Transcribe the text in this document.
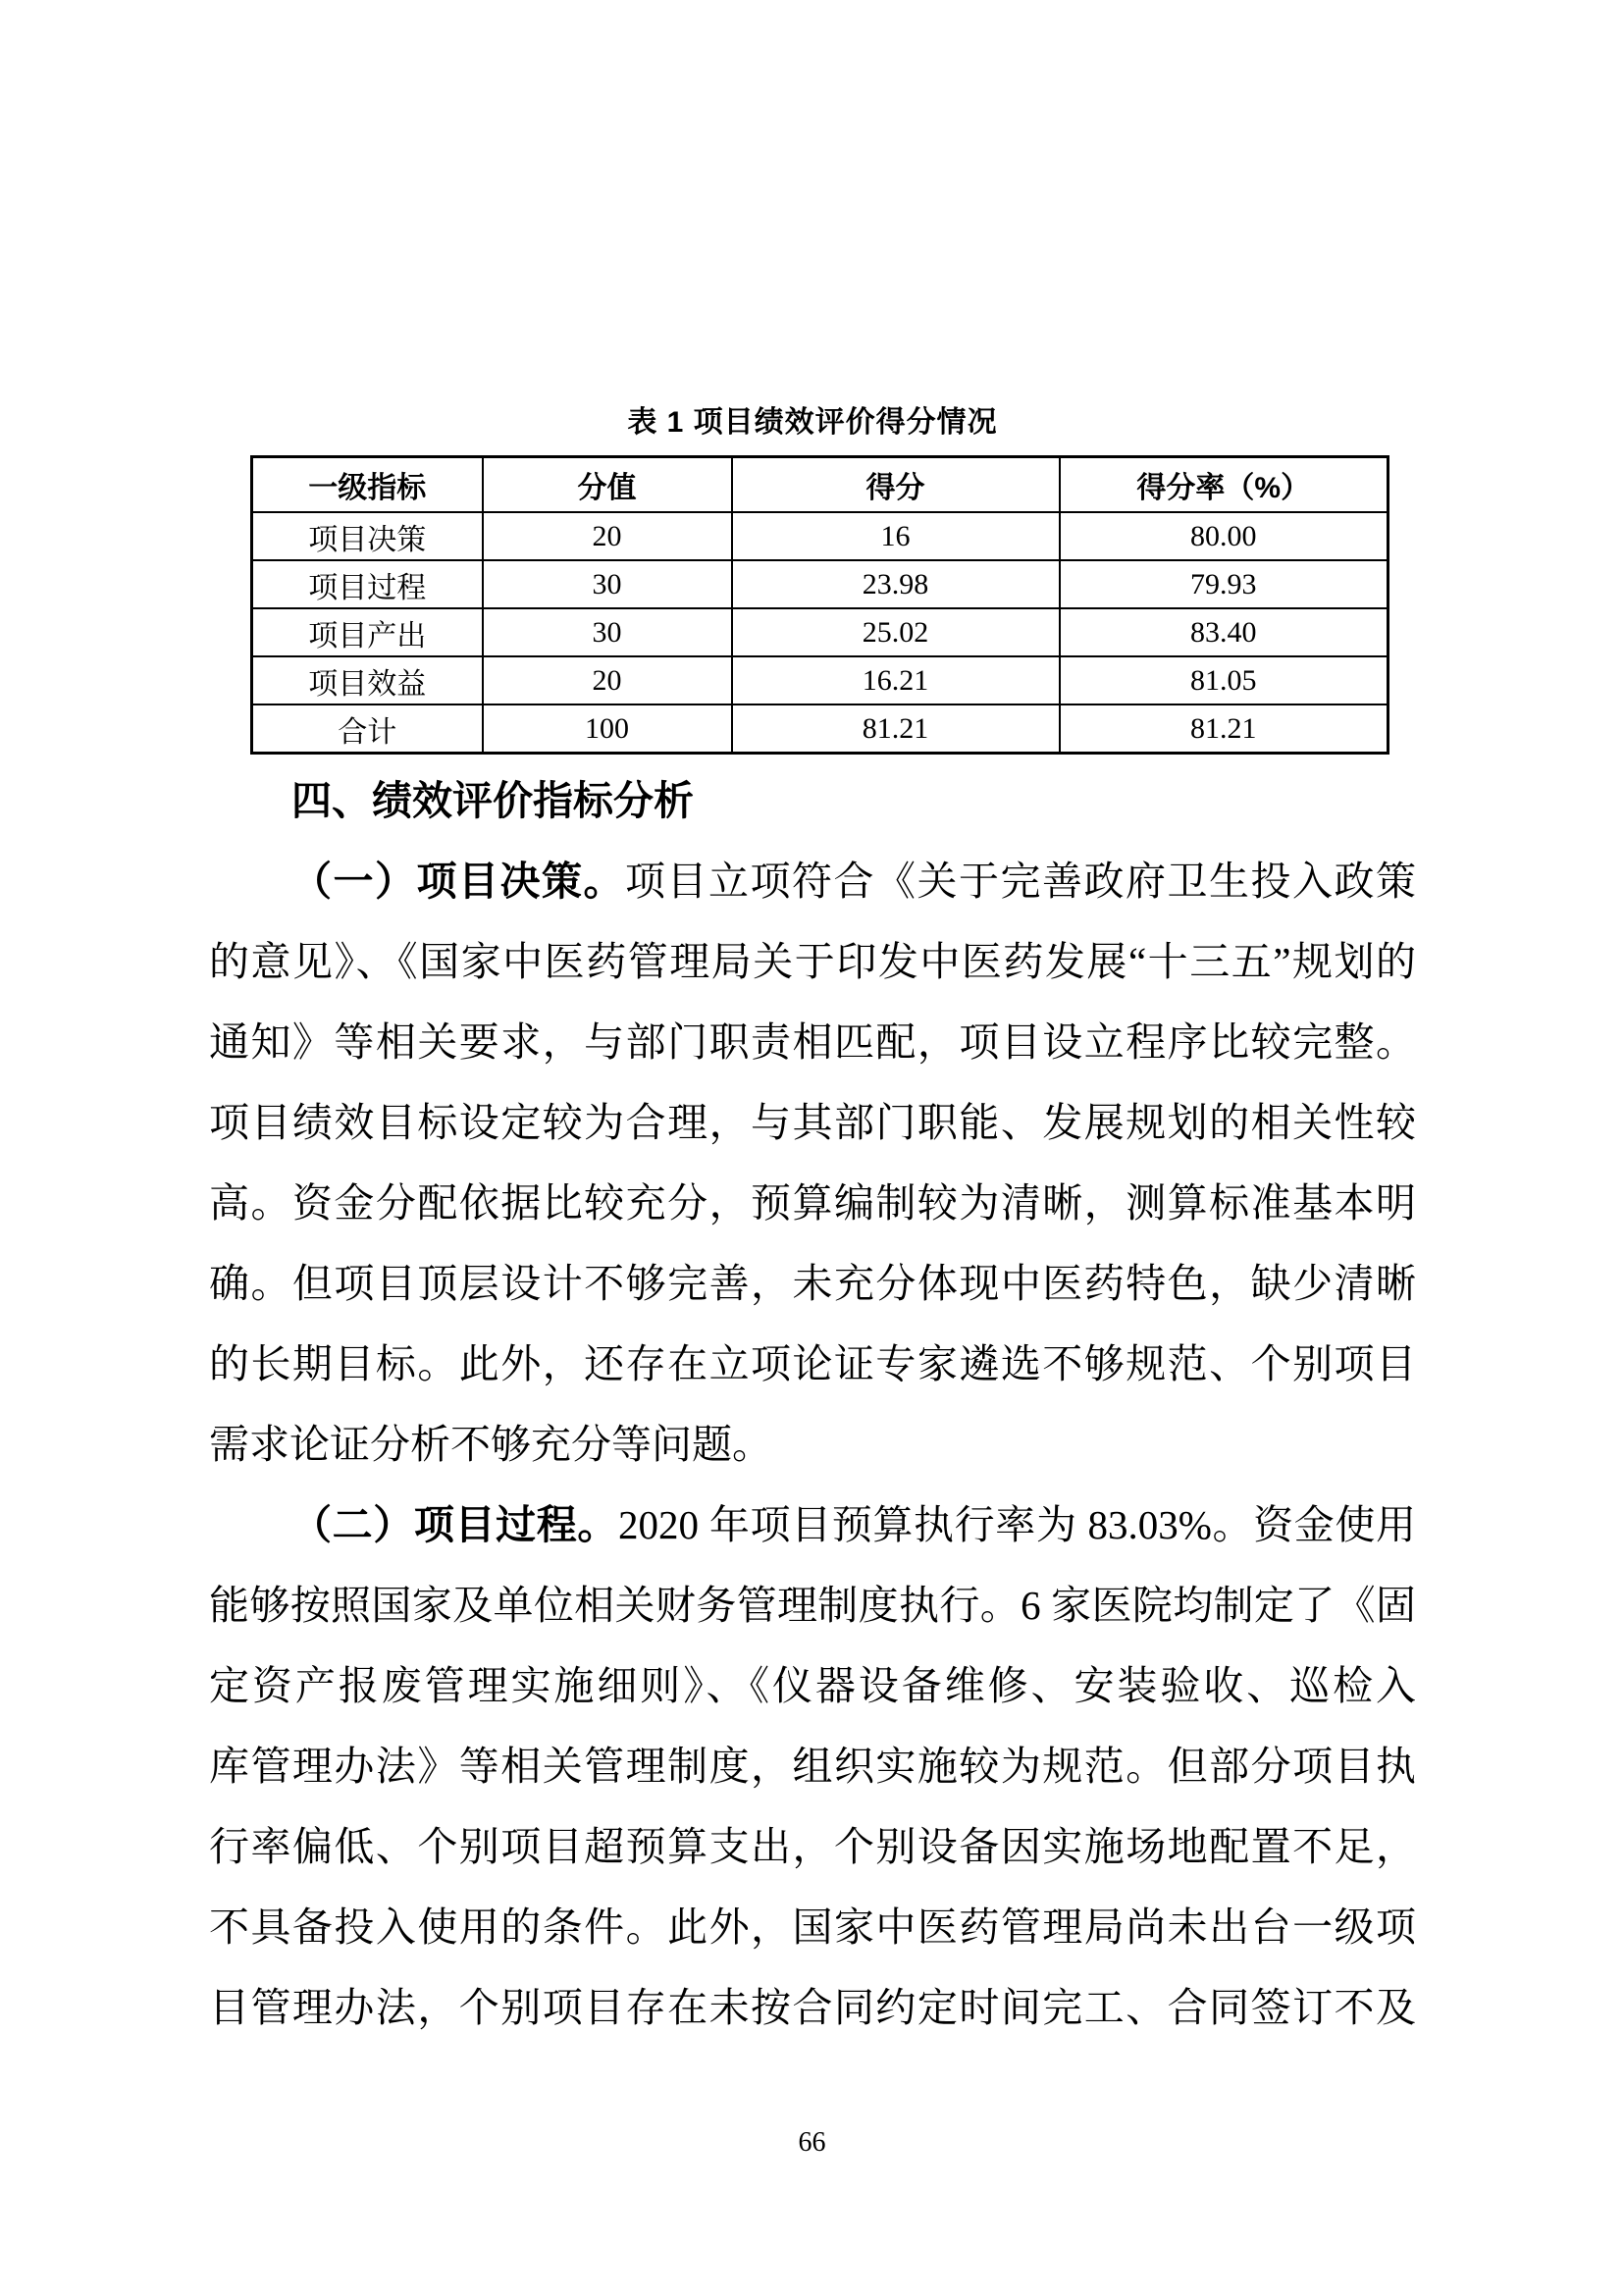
表 1 项目绩效评价得分情况
一级指标	分值	得分	得分率（%）
项目决策	20	16	80.00
项目过程	30	23.98	79.93
项目产出	30	25.02	83.40
项目效益	20	16.21	81.05
合计	100	81.21	81.21
四、绩效评价指标分析
（一）项目决策。项目立项符合《关于完善政府卫生投入政策
的意见》、《国家中医药管理局关于印发中医药发展“十三五”规划的
通知》等相关要求，与部门职责相匹配，项目设立程序比较完整。
项目绩效目标设定较为合理，与其部门职能、发展规划的相关性较
高。资金分配依据比较充分，预算编制较为清晰，测算标准基本明
确。但项目顶层设计不够完善，未充分体现中医药特色，缺少清晰
的长期目标。此外，还存在立项论证专家遴选不够规范、个别项目
需求论证分析不够充分等问题。
（二）项目过程。2020 年项目预算执行率为 83.03%。资金使用
能够按照国家及单位相关财务管理制度执行。6 家医院均制定了《固
定资产报废管理实施细则》、《仪器设备维修、安装验收、巡检入
库管理办法》等相关管理制度，组织实施较为规范。但部分项目执
行率偏低、个别项目超预算支出，个别设备因实施场地配置不足，
不具备投入使用的条件。此外，国家中医药管理局尚未出台一级项
目管理办法，个别项目存在未按合同约定时间完工、合同签订不及
66
